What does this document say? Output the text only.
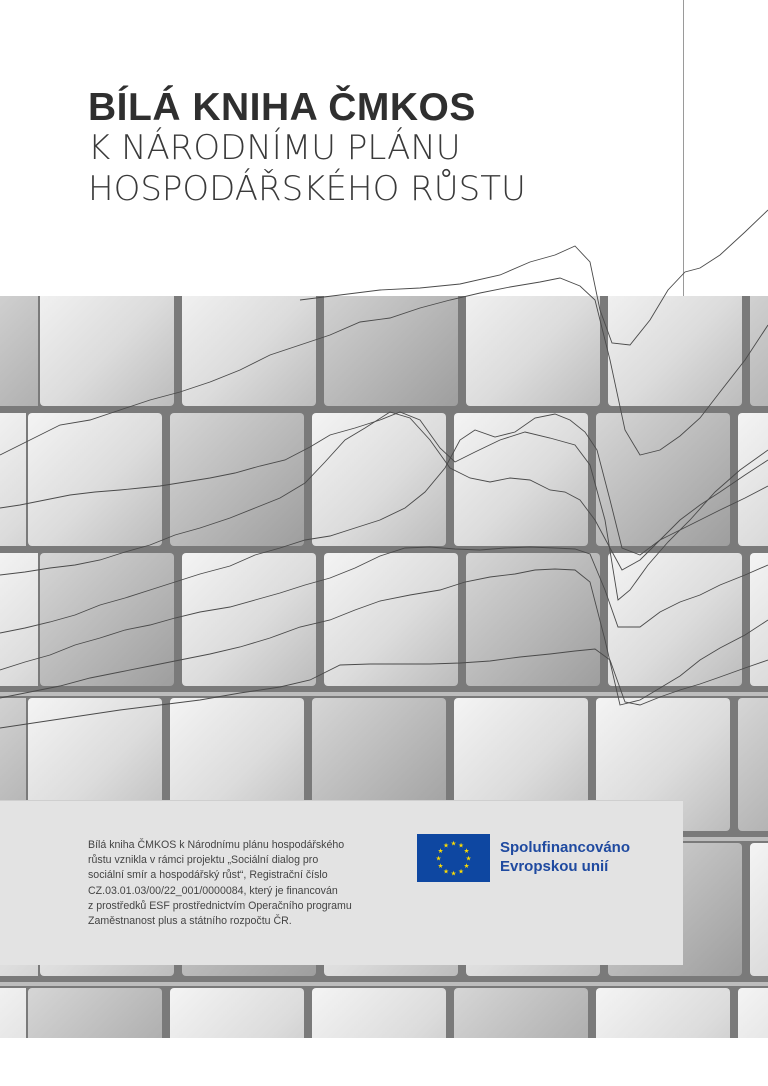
BÍLÁ KNIHA ČMKOS

K NÁRODNÍMU PLÁNU

HOSPODÁŘSKÉHO RŮSTU

Bílá kniha ČMKOS k Národnímu plánu hospodářského
růstu vznikla v rámci projektu „Sociální dialog pro
sociální smír a hospodářský růst“, Registrační číslo
CZ.03.01.03/00/22_001/0000084, který je financován
z prostředků ESF prostřednictvím Operačního programu
Zaměstnanost plus a státního rozpočtu ČR.
★ ★
★
★
★
★
★
★
★
★
★
★	Spolufinancováno
Evropskou unií
